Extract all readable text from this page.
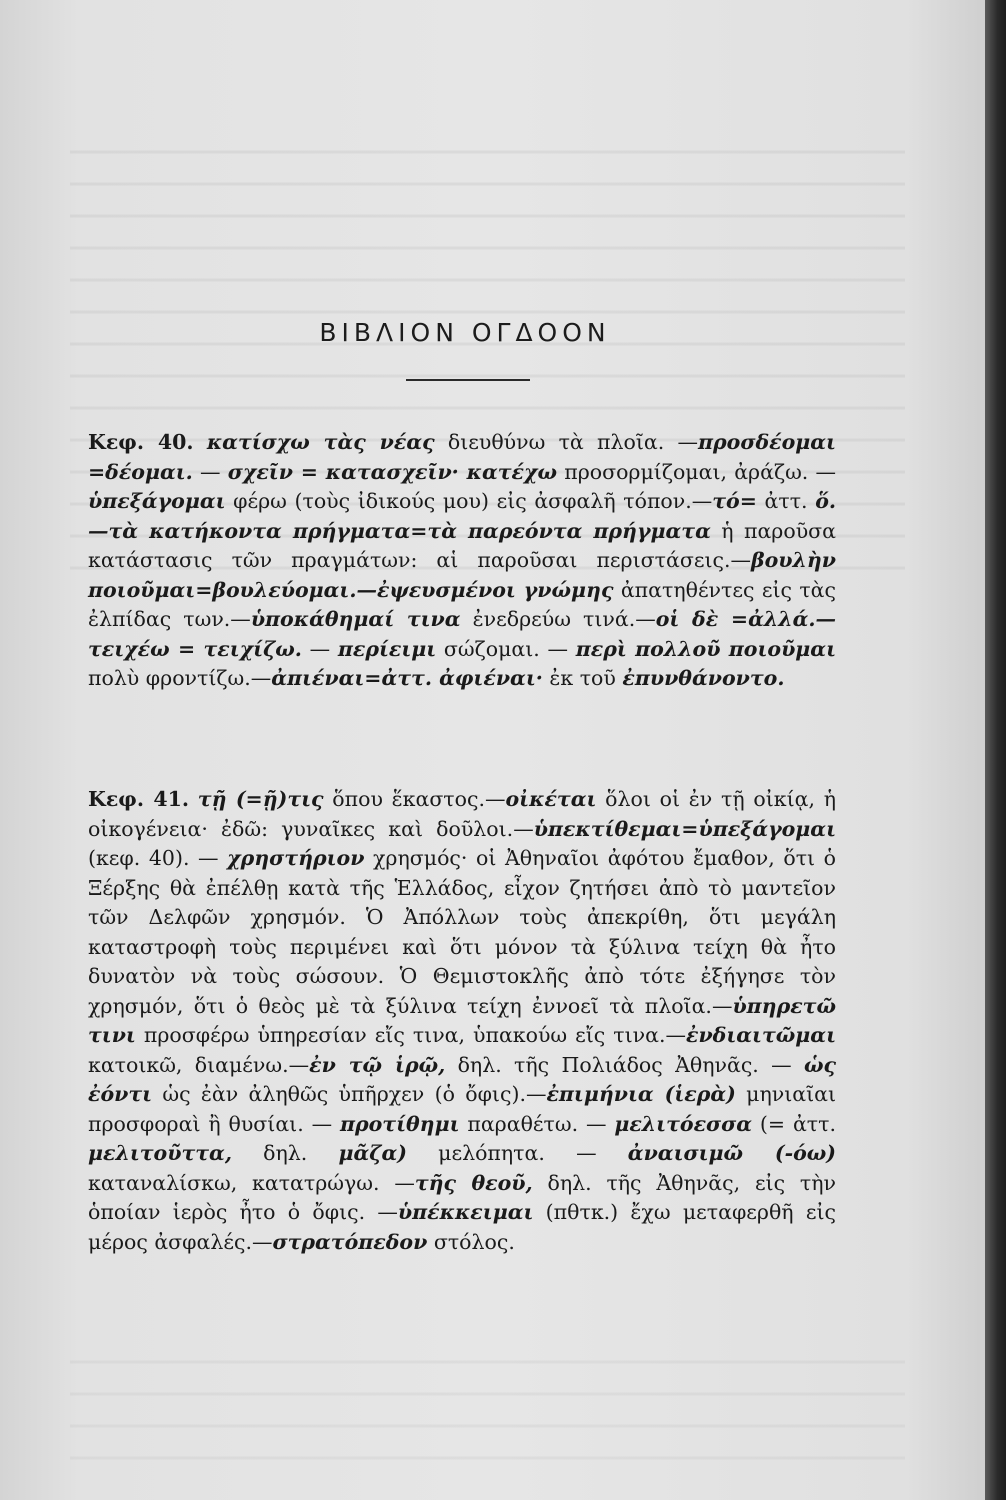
ΒΙΒΛΙΟΝ ΟΓΔΟΟΝ
Κεφ. 40. κατίσχω τὰς νέας διευθύνω τὰ πλοῖα. —προσδέομαι =δέομαι. — σχεῖν = κατασχεῖν· κατέχω προσορμίζομαι, ἀράζω. —ὑπεξάγομαι φέρω (τοὺς ἰδικούς μου) εἰς ἀσφαλῆ τόπον.—τό= ἀττ. ὅ.—τὰ κατήκοντα πρήγματα=τὰ παρεόντα πρήγματα ἡ παροῦσα κατάστασις τῶν πραγμάτων: αἱ παροῦσαι περιστάσεις.—βουλὴν ποιοῦμαι=βουλεύομαι.—ἐψευσμένοι γνώμης ἀπατηθέντες εἰς τὰς ἐλπίδας των.—ὑποκάθημαί τινα ἐνεδρεύω τινά.—οἱ δὲ =ἀλλά.—τειχέω = τειχίζω. — περίειμι σώζομαι. — περὶ πολλοῦ ποιοῦμαι πολὺ φροντίζω.—ἀπιέναι=ἀττ. ἀφιέναι· ἐκ τοῦ ἐπυνθάνοντο.
Κεφ. 41. τῇ (=ῇ)τις ὅπου ἕκαστος.—οἰκέται ὅλοι οἱ ἐν τῇ οἰκίᾳ, ἡ οἰκογένεια· ἐδῶ: γυναῖκες καὶ δοῦλοι.—ὑπεκτίθεμαι=ὑπεξάγομαι (κεφ. 40). — χρηστήριον χρησμός· οἱ Ἀθηναῖοι ἀφότου ἔμαθον, ὅτι ὁ Ξέρξης θὰ ἐπέλθῃ κατὰ τῆς Ἑλλάδος, εἶχον ζητήσει ἀπὸ τὸ μαντεῖον τῶν Δελφῶν χρησμόν. Ὁ Ἀπόλλων τοὺς ἀπεκρίθη, ὅτι μεγάλη καταστροφὴ τοὺς περιμένει καὶ ὅτι μόνον τὰ ξύλινα τείχη θὰ ἦτο δυνατὸν νὰ τοὺς σώσουν. Ὁ Θεμιστοκλῆς ἀπὸ τότε ἐξήγησε τὸν χρησμόν, ὅτι ὁ θεὸς μὲ τὰ ξύλινα τείχη ἐννοεῖ τὰ πλοῖα.—ὑπηρετῶ τινι προσφέρω ὑπηρεσίαν εἴς τινα, ὑπακούω εἴς τινα.—ἐνδιαιτῶμαι κατοικῶ, διαμένω.—ἐν τῷ ἱρῷ, δηλ. τῆς Πολιάδος Ἀθηνᾶς. — ὡς ἐόντι ὡς ἐὰν ἀληθῶς ὑπῆρχεν (ὁ ὄφις).—ἐπιμήνια (ἱερὰ) μηνιαῖαι προσφοραὶ ἢ θυσίαι. — προτίθημι παραθέτω. — μελιτόεσσα (= ἀττ. μελιτοῦττα, δηλ. μᾶζα) μελόπητα. — ἀναισιμῶ (-όω) καταναλίσκω, κατατρώγω. —τῆς θεοῦ, δηλ. τῆς Ἀθηνᾶς, εἰς τὴν ὁποίαν ἱερὸς ἦτο ὁ ὄφις. —ὑπέκκειμαι (πθτκ.) ἔχω μεταφερθῆ εἰς μέρος ἀσφαλές.—στρατόπεδον στόλος.
